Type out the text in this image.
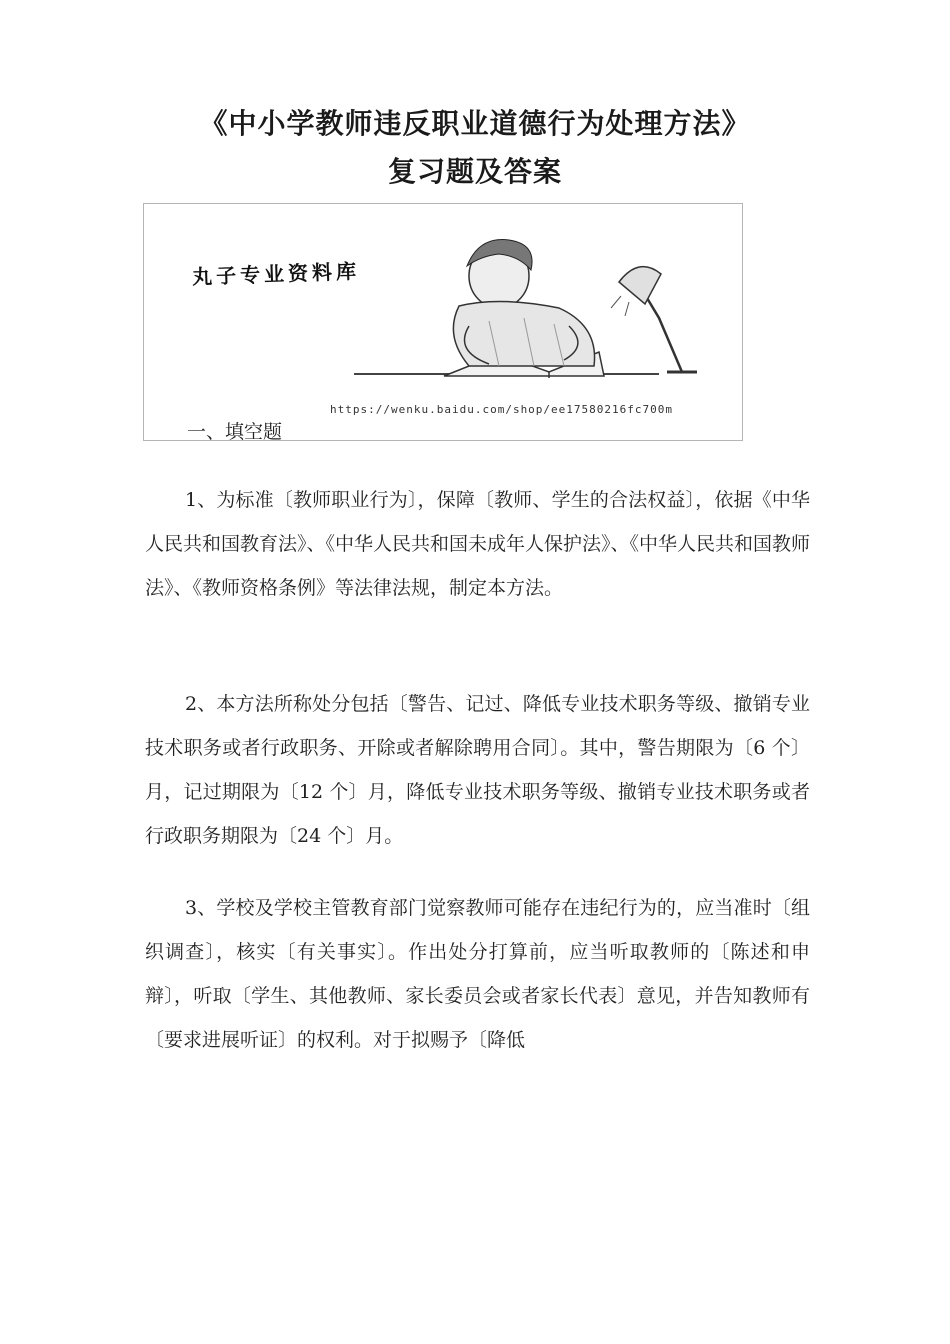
《中小学教师违反职业道德行为处理方法》
复习题及答案
丸子专业资料库
https://wenku.baidu.com/shop/ee17580216fc700m
一、填空题

1、为标准〔教师职业行为〕，保障〔教师、学生的合法权益〕，依据《中华人民共和国教育法》、《中华人民共和国未成年人保护法》、《中华人民共和国教师法》、《教师资格条例》等法律法规，制定本方法。

2、本方法所称处分包括〔警告、记过、降低专业技术职务等级、撤销专业技术职务或者行政职务、开除或者解除聘用合同〕。其中，警告期限为〔6 个〕月，记过期限为〔12 个〕月，降低专业技术职务等级、撤销专业技术职务或者行政职务期限为〔24 个〕月。

3、学校及学校主管教育部门觉察教师可能存在违纪行为的，应当准时〔组织调查〕，核实〔有关事实〕。作出处分打算前，应当听取教师的〔陈述和申辩〕，听取〔学生、其他教师、家长委员会或者家长代表〕意见，并告知教师有〔要求进展听证〕的权利。对于拟赐予〔降低
